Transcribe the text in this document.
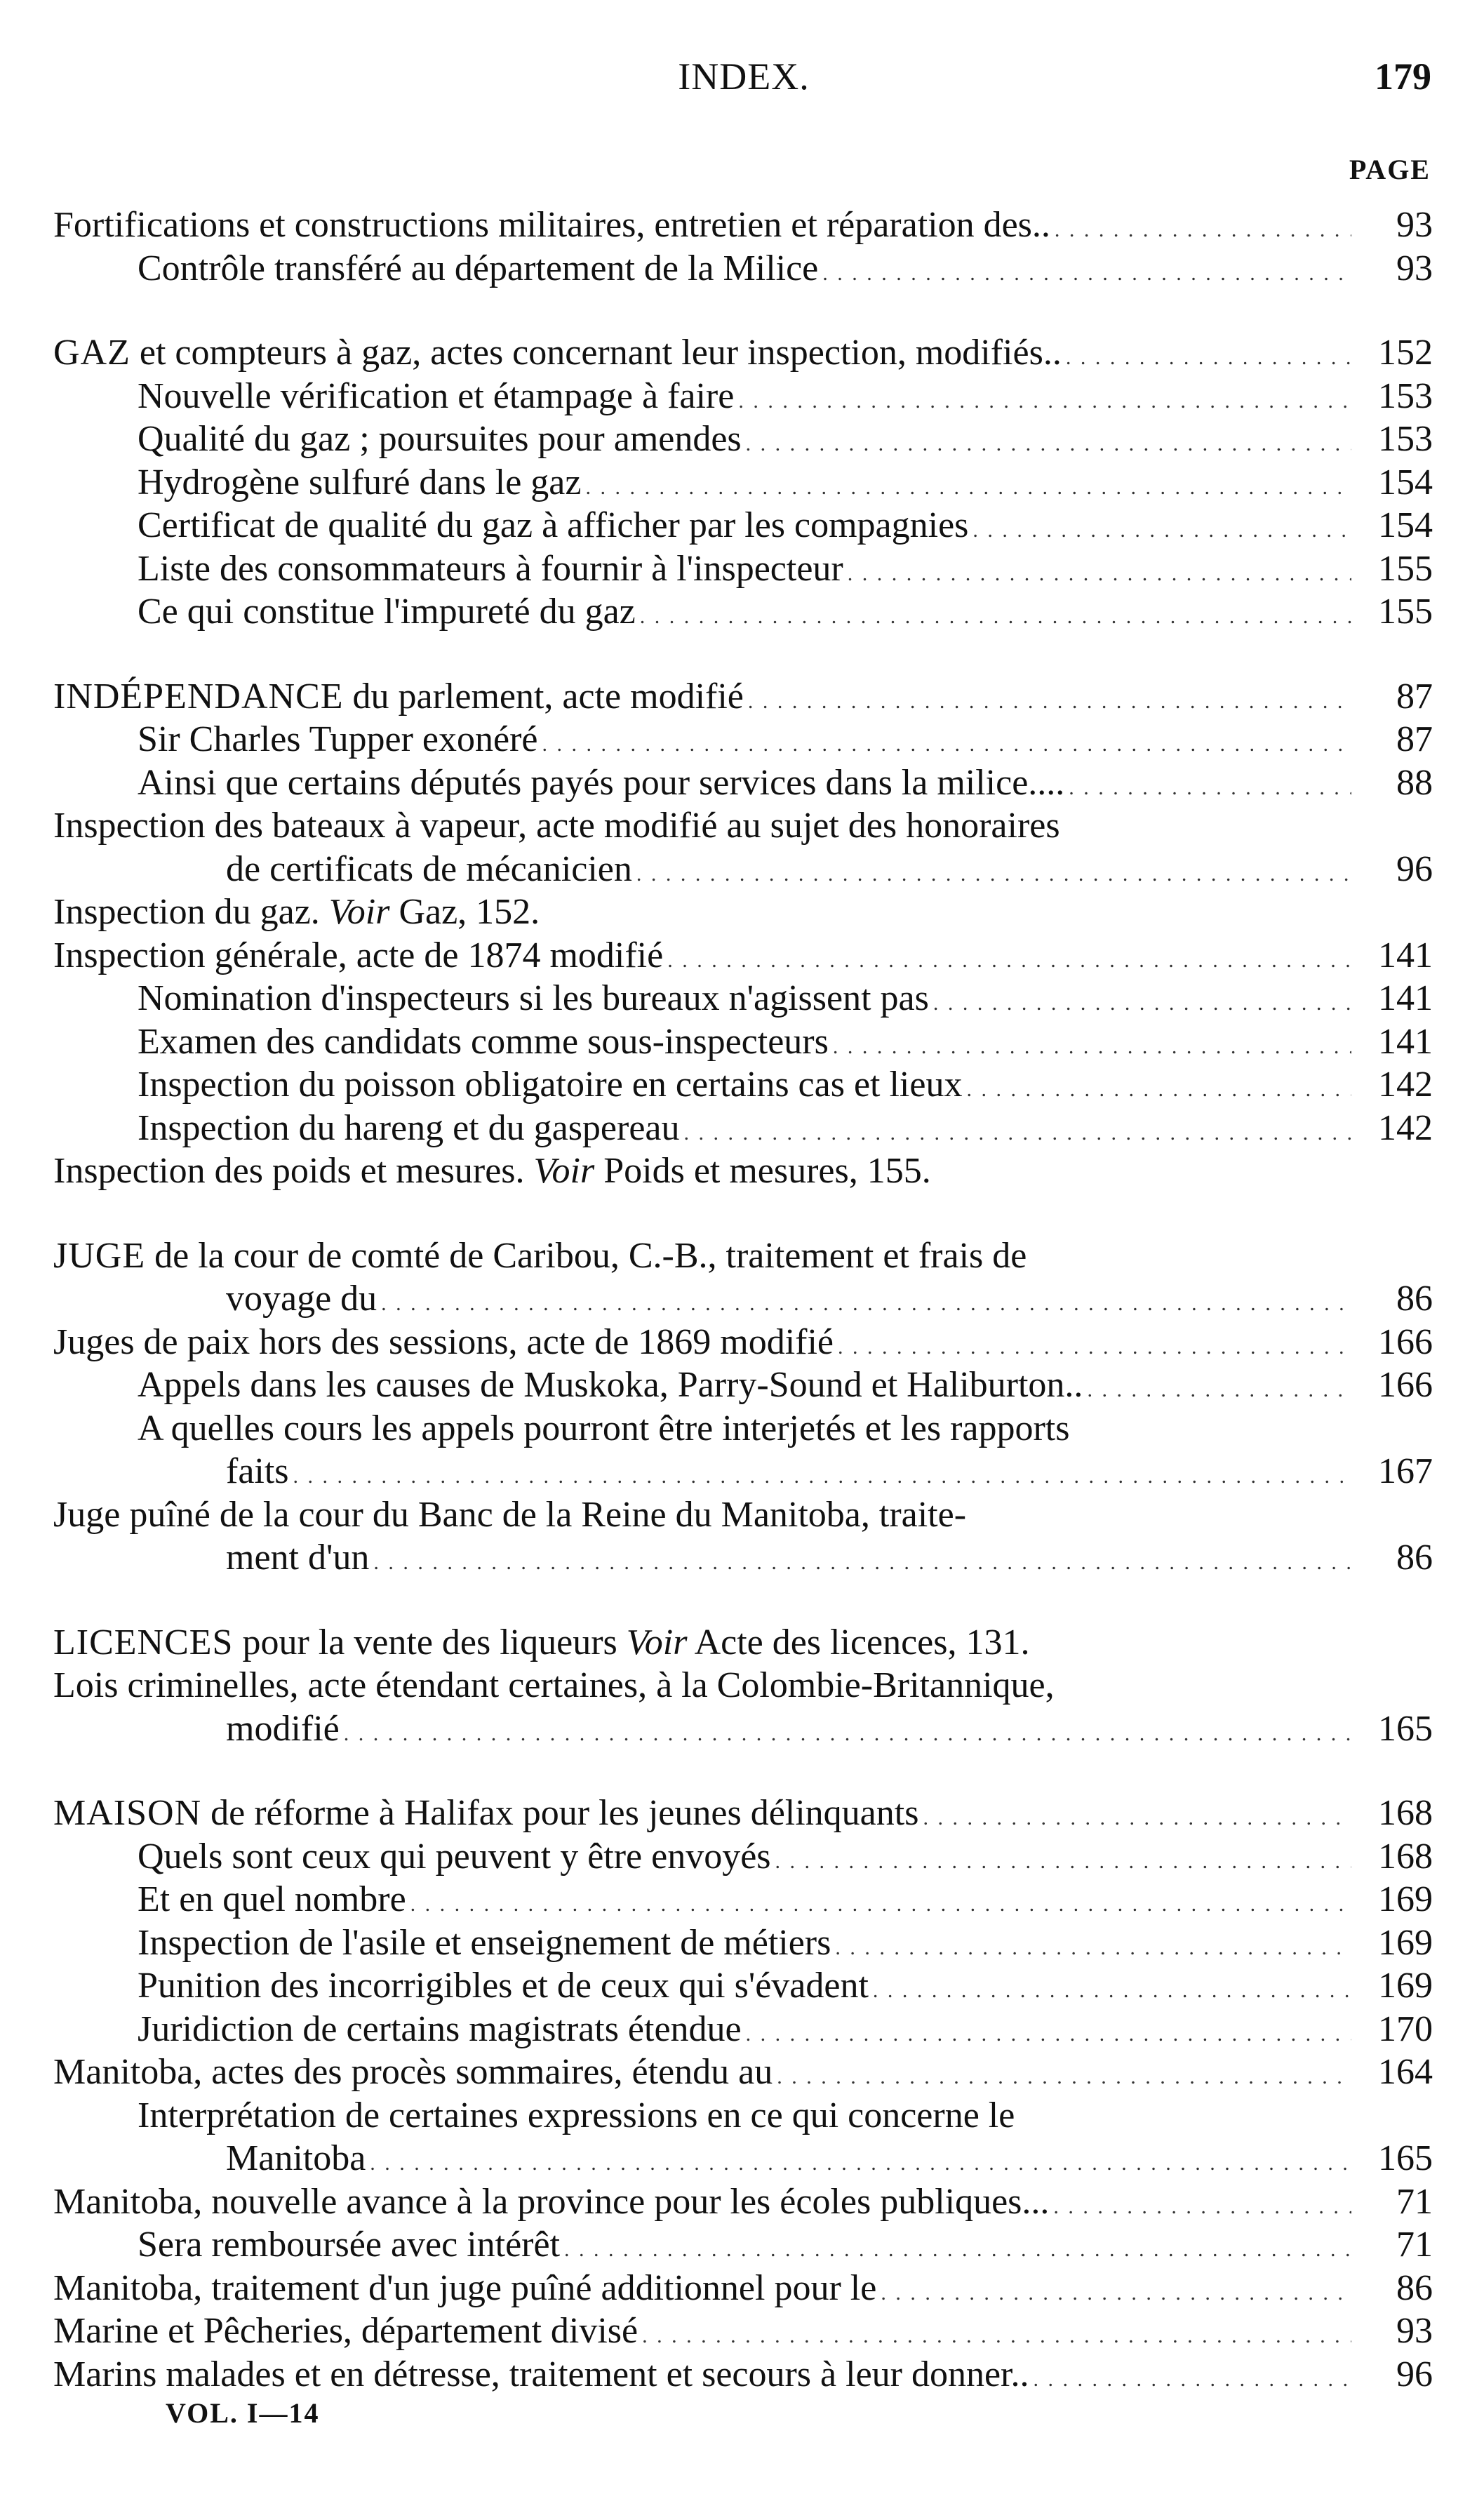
INDEX.	179
PAGE
Fortifications et constructions militaires, entretien et réparation des.. . . .	93
Contrôle transféré au département de la Milice . . .	93
GAZ et compteurs à gaz, actes concernant leur inspection, modifiés.. . . .	152
Nouvelle vérification et étampage à faire . . .	153
Qualité du gaz ; poursuites pour amendes . . .	153
Hydrogène sulfuré dans le gaz . . .	154
Certificat de qualité du gaz à afficher par les compagnies . . .	154
Liste des consommateurs à fournir à l'inspecteur . . .	155
Ce qui constitue l'impureté du gaz . . .	155
INDÉPENDANCE du parlement, acte modifié . . .	87
Sir Charles Tupper exonéré . . .	87
Ainsi que certains députés payés pour services dans la milice.... . . .	88
Inspection des bateaux à vapeur, acte modifié au sujet des honoraires
de certificats de mécanicien . . .	96
Inspection du gaz. Voir Gaz, 152.
Inspection générale, acte de 1874 modifié . . .	141
Nomination d'inspecteurs si les bureaux n'agissent pas . . .	141
Examen des candidats comme sous-inspecteurs . . .	141
Inspection du poisson obligatoire en certains cas et lieux . . .	142
Inspection du hareng et du gaspereau . . .	142
Inspection des poids et mesures. Voir Poids et mesures, 155.
JUGE de la cour de comté de Caribou, C.-B., traitement et frais de
voyage du . . .	86
Juges de paix hors des sessions, acte de 1869 modifié . . .	166
Appels dans les causes de Muskoka, Parry-Sound et Haliburton.. . . .	166
A quelles cours les appels pourront être interjetés et les rapports
faits . . .	167
Juge puîné de la cour du Banc de la Reine du Manitoba, traite-
ment d'un . . .	86
LICENCES pour la vente des liqueurs Voir Acte des licences, 131.
Lois criminelles, acte étendant certaines, à la Colombie-Britannique,
modifié . . .	165
MAISON de réforme à Halifax pour les jeunes délinquants . . .	168
Quels sont ceux qui peuvent y être envoyés . . .	168
Et en quel nombre . . .	169
Inspection de l'asile et enseignement de métiers . . .	169
Punition des incorrigibles et de ceux qui s'évadent . . .	169
Juridiction de certains magistrats étendue . . .	170
Manitoba, actes des procès sommaires, étendu au . . .	164
Interprétation de certaines expressions en ce qui concerne le
Manitoba . . .	165
Manitoba, nouvelle avance à la province pour les écoles publiques... . . .	71
Sera remboursée avec intérêt . . .	71
Manitoba, traitement d'un juge puîné additionnel pour le . . .	86
Marine et Pêcheries, département divisé . . .	93
Marins malades et en détresse, traitement et secours à leur donner.. . . .	96
VOL. I—14
